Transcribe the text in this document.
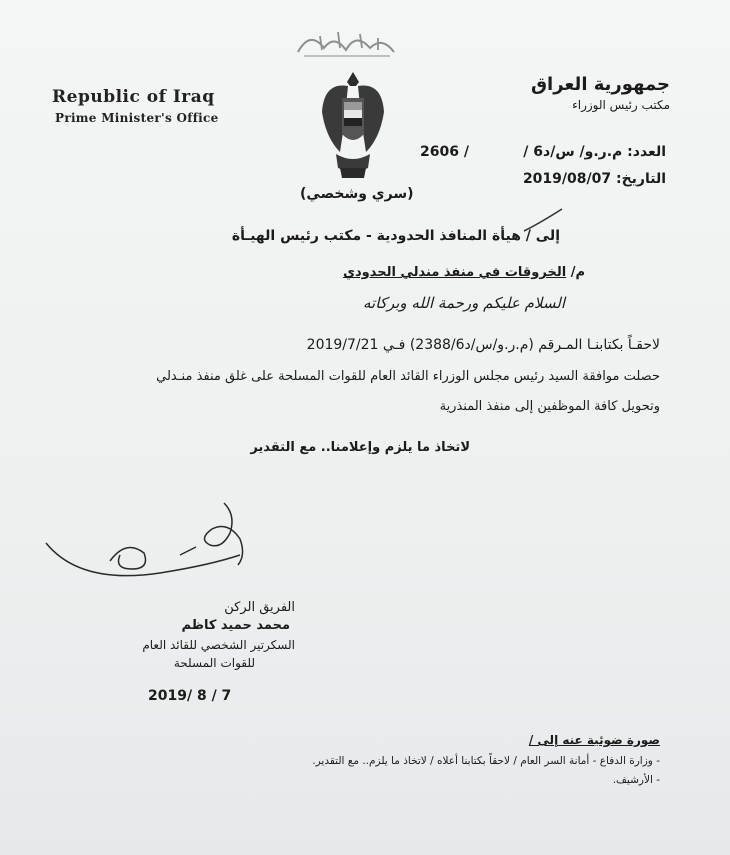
Republic of Iraq
Prime Minister's Office
جمهورية العراق
مكتب رئيس الوزراء
العدد: م.ر.و/ س/د6 /
2606 /
التاريخ: 2019/08/07
(سري وشخصي)
إلى / هيأة المنافذ الحدودية - مكتب رئيس الهيـأة
م/ الخروقات في منفذ مندلي الحدودي
السلام عليكم ورحمة الله وبركاته
لاحقـاً بكتابنـا المـرقم (م.ر.و/س/د2388/6) فـي 2019/7/21
حصلت موافقة السيد رئيس مجلس الوزراء القائد العام للقوات المسلحة على غلق منفذ منـدلي
وتحويل كافة الموظفين إلى منفذ المنذرية
لاتخاذ ما يلزم وإعلامنا.. مع التقدير
الفريق الركن
محمد حميد كاظم
السكرتير الشخصي للقائد العام
للقوات المسلحة
2019/ 8 / 7
صورة ضوئية عنه إلى /
- وزارة الدفاع - أمانة السر العام / لاحقاً بكتابنا أعلاه / لاتخاذ ما يلزم.. مع التقدير.
- الأرشيف.
